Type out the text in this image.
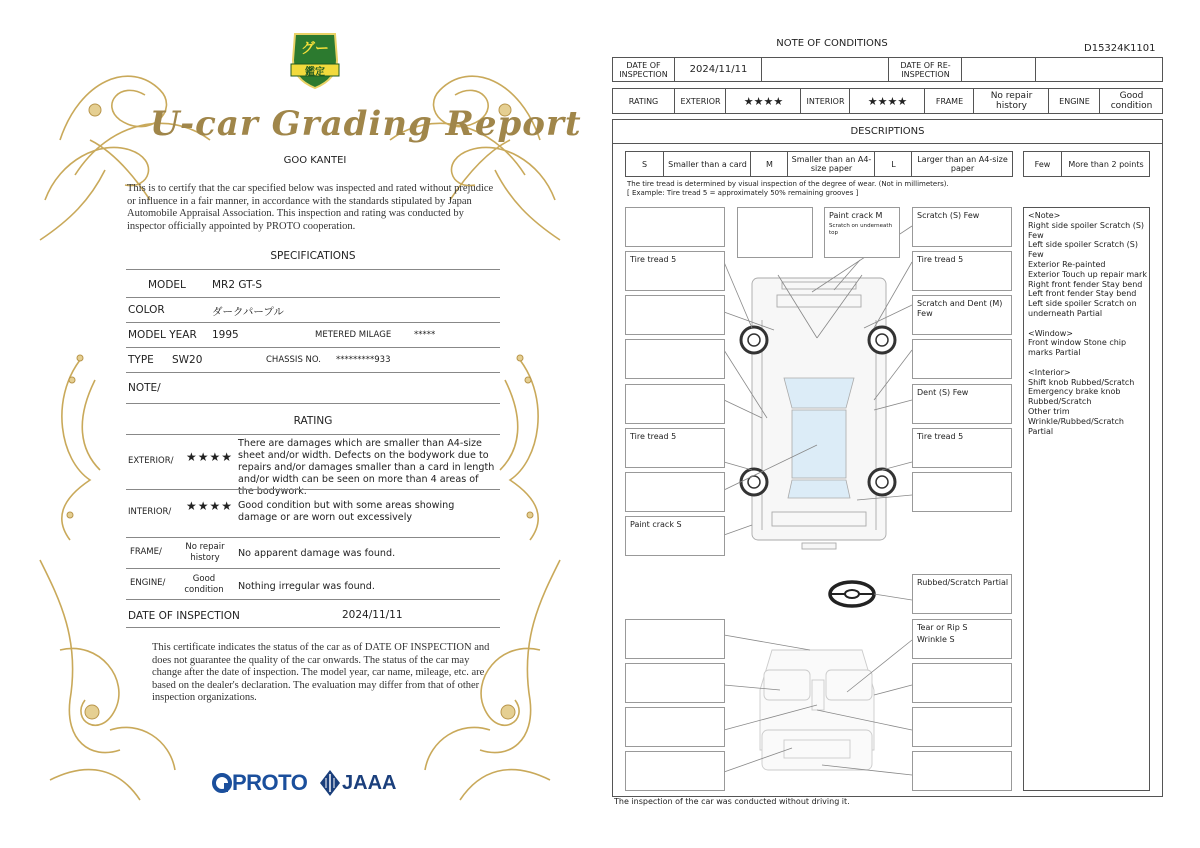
グー
鑑定
U-car Grading Report
GOO KANTEI
This is to certify that the car specified below was inspected and rated without prejudice or influence in a fair manner, in accordance with the standards stipulated by Japan Automobile Appraisal Association. This inspection and rating was conducted by inspector officially appointed by PROTO cooperation.
SPECIFICATIONS
MODEL MR2 GT-S
COLOR	ダークパープル
MODEL YEAR 1995	METERED MILAGE	*****
TYPE SW20	CHASSIS NO. *********933
NOTE/
RATING
EXTERIOR/ ★★★★
There are damages which are smaller than A4-size sheet and/or width. Defects on the bodywork due to repairs and/or damages smaller than a card in length and/or width can be seen on more than 4 areas of the bodywork.
INTERIOR/ ★★★★ Good condition but with some areas showing damage or are worn out excessively
FRAME/	No repair history	No apparent damage was found.
ENGINE/	Good condition	Nothing irregular was found.
DATE OF INSPECTION	2024/11/11
This certificate indicates the status of the car as of DATE OF INSPECTION and does not guarantee the quality of the car onwards. The status of the car may change after the date of inspection. The model year, car name, mileage, etc. are based on the dealer's declaration. The evaluation may differ from that of other inspection organizations.
PROTO JAAA
NOTE OF CONDITIONS	D15324K1101
DATE OF INSPECTION	2024/11/11	DATE OF RE-INSPECTION
RATING	EXTERIOR	★★★★	INTERIOR	★★★★	FRAME	No repair history	ENGINE	Good condition
DESCRIPTIONS
S	Smaller than a card	M	Smaller than an A4-size paper	L	Larger than an A4-size paper	Few	More than 2 points
The tire tread is determined by visual inspection of the degree of wear. (Not in millimeters).
[ Example: Tire tread 5 = approximately 50% remaining grooves ]
Tire tread 5
Tire tread 5
Paint crack S
Paint crack M
Scratch on underneath top
Scratch (S) Few
Tire tread 5
Scratch and Dent (M) Few
Dent (S) Few
Tire tread 5
Rubbed/Scratch Partial
Tear or Rip S
Wrinkle S
<Note>
Right side spoiler Scratch (S) Few
Left side spoiler Scratch (S) Few
Exterior Re-painted
Exterior Touch up repair mark
Right front fender Stay bend
Left front fender Stay bend
Left side spoiler Scratch on underneath Partial
<Window>
Front window Stone chip marks Partial
<Interior>
Shift knob Rubbed/Scratch
Emergency brake knob Rubbed/Scratch
Other trim
Wrinkle/Rubbed/Scratch Partial
The inspection of the car was conducted without driving it.
